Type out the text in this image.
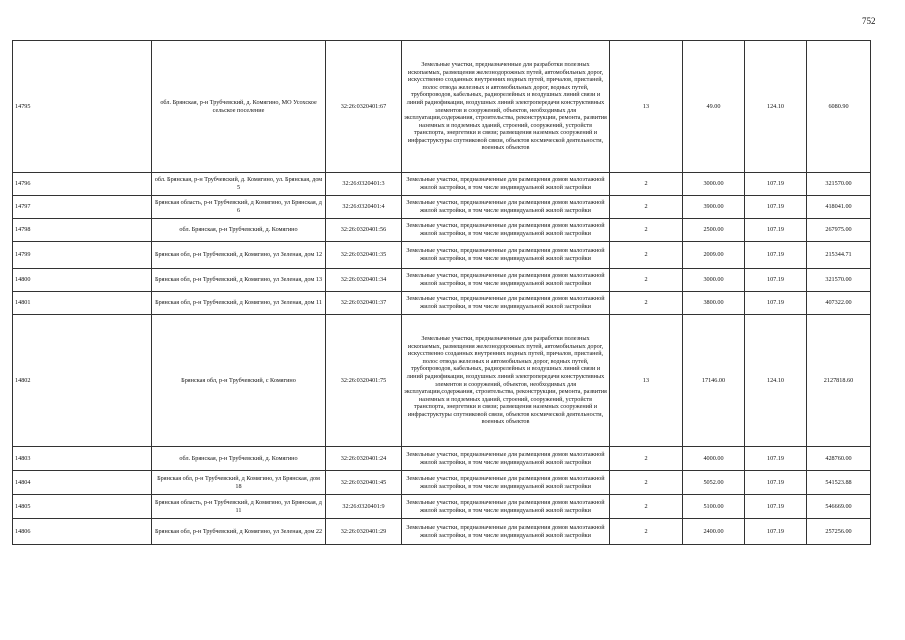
752
14795	обл. Брянская, р-н Трубчевский, д. Комягино, МО Усохское сельское поселение	32:26:0320401:67	Земельные участки, предназначенные для разработки полезных ископаемых, размещения железнодорожных путей, автомобильных дорог, искусственно созданных внутренних водных путей, причалов, пристаней, полос отвода железных и автомобильных дорог, водных путей, трубопроводов, кабельных, радиорелейных и воздушных линий связи и линий радиофикации, воздушных линий электропередачи конструктивных элементов и сооружений, объектов, необходимых для эксплуатации,содержания, строительства, реконструкции, ремонта, развития наземных и подземных зданий, строений, сооружений, устройств транспорта, энергетики и связи; размещения наземных сооружений и инфраструктуры спутниковой связи, объектов космической деятельности, военных объектов	13	49.00	124.10	6080.90
14796	обл. Брянская, р-н Трубчевский, д. Комягино, ул. Брянская, дом 5	32:26:0320401:3	Земельные участки, предназначенные для размещения домов малоэтажной жилой застройки, в том числе индивидуальной жилой застройки	2	3000.00	107.19	321570.00
14797	Брянская область, р-н Трубчевский, д Комягино, ул Брянская, д 6	32:26:0320401:4	Земельные участки, предназначенные для размещения домов малоэтажной жилой застройки, в том числе индивидуальной жилой застройки	2	3900.00	107.19	418041.00
14798	обл. Брянская, р-н Трубчевский, д. Комягино	32:26:0320401:56	Земельные участки, предназначенные для размещения домов малоэтажной жилой застройки, в том числе индивидуальной жилой застройки	2	2500.00	107.19	267975.00
14799	Брянская обл, р-н Трубчевский, д Комягино, ул Зеленая, дом 12	32:26:0320401:35	Земельные участки, предназначенные для размещения домов малоэтажной жилой застройки, в том числе индивидуальной жилой застройки	2	2009.00	107.19	215344.71
14800	Брянская обл, р-н Трубчевский, д Комягино, ул Зеленая, дом 13	32:26:0320401:34	Земельные участки, предназначенные для размещения домов малоэтажной жилой застройки, в том числе индивидуальной жилой застройки	2	3000.00	107.19	321570.00
14801	Брянская обл, р-н Трубчевский, д Комягино, ул Зеленая, дом 11	32:26:0320401:37	Земельные участки, предназначенные для размещения домов малоэтажной жилой застройки, в том числе индивидуальной жилой застройки	2	3800.00	107.19	407322.00
14802	Брянская обл, р-н Трубчевский, с Комягино	32:26:0320401:75	Земельные участки, предназначенные для разработки полезных ископаемых, размещения железнодорожных путей, автомобильных дорог, искусственно созданных внутренних водных путей, причалов, пристаней, полос отвода железных и автомобильных дорог, водных путей, трубопроводов, кабельных, радиорелейных и воздушных линий связи и линий радиофикации, воздушных линий электропередачи конструктивных элементов и сооружений, объектов, необходимых для эксплуатации,содержания, строительства, реконструкции, ремонта, развития наземных и подземных зданий, строений, сооружений, устройств транспорта, энергетики и связи; размещения наземных сооружений и инфраструктуры спутниковой связи, объектов космической деятельности, военных объектов	13	17146.00	124.10	2127818.60
14803	обл. Брянская, р-н Трубчевский, д. Комягино	32:26:0320401:24	Земельные участки, предназначенные для размещения домов малоэтажной жилой застройки, в том числе индивидуальной жилой застройки	2	4000.00	107.19	428760.00
14804	Брянская обл, р-н Трубчевский, д Комягино, ул Брянская, дом 18	32:26:0320401:45	Земельные участки, предназначенные для размещения домов малоэтажной жилой застройки, в том числе индивидуальной жилой застройки	2	5052.00	107.19	541523.88
14805	Брянская область, р-н Трубчевский, д Комягино, ул Брянская, д 11	32:26:0320401:9	Земельные участки, предназначенные для размещения домов малоэтажной жилой застройки, в том числе индивидуальной жилой застройки	2	5100.00	107.19	546669.00
14806	Брянская обл, р-н Трубчевский, д Комягино, ул Зеленая, дом 22	32:26:0320401:29	Земельные участки, предназначенные для размещения домов малоэтажной жилой застройки, в том числе индивидуальной жилой застройки	2	2400.00	107.19	257256.00
